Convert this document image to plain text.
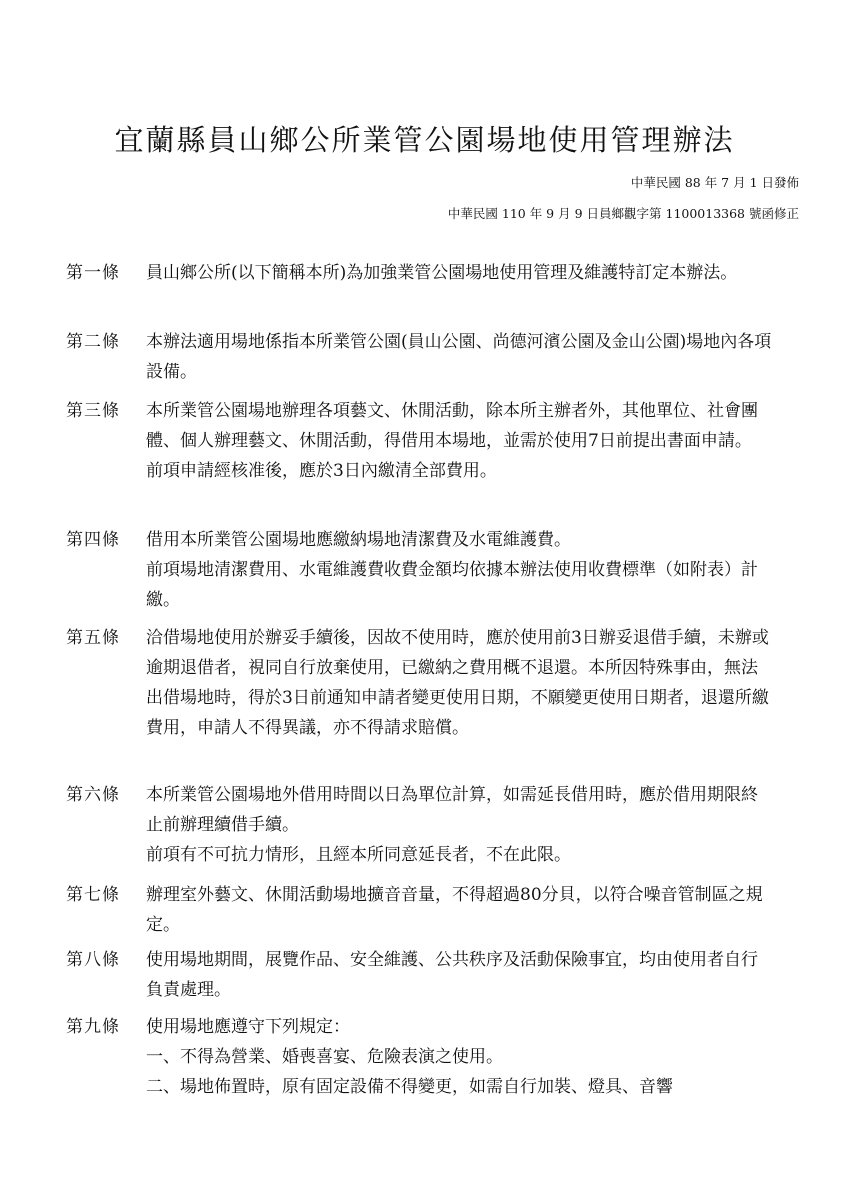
宜蘭縣員山鄉公所業管公園場地使用管理辦法
中華民國 88 年 7 月 1 日發佈
中華民國 110 年 9 月 9 日員鄉觀字第 1100013368 號函修正
第一條	員山鄉公所(以下簡稱本所)為加強業管公園場地使用管理及維護特訂定本辦法。
第二條	本辦法適用場地係指本所業管公園(員山公園、尚德河濱公園及金山公園)場地內各項設備。
第三條	本所業管公園場地辦理各項藝文、休閒活動，除本所主辦者外，其他單位、社會團體、個人辦理藝文、休閒活動，得借用本場地，並需於使用7日前提出書面申請。
前項申請經核准後，應於3日內繳清全部費用。
第四條	借用本所業管公園場地應繳納場地清潔費及水電維護費。
前項場地清潔費用、水電維護費收費金額均依據本辦法使用收費標準（如附表）計繳。
第五條	洽借場地使用於辦妥手續後，因故不使用時，應於使用前3日辦妥退借手續，未辦或逾期退借者，視同自行放棄使用，已繳納之費用概不退還。本所因特殊事由，無法出借場地時，得於3日前通知申請者變更使用日期，不願變更使用日期者，退還所繳費用，申請人不得異議，亦不得請求賠償。
第六條	本所業管公園場地外借用時間以日為單位計算，如需延長借用時，應於借用期限終止前辦理續借手續。
前項有不可抗力情形，且經本所同意延長者，不在此限。
第七條	辦理室外藝文、休閒活動場地擴音音量，不得超過80分貝，以符合噪音管制區之規定。
第八條	使用場地期間，展覽作品、安全維護、公共秩序及活動保險事宜，均由使用者自行負責處理。
第九條	使用場地應遵守下列規定：
一、不得為營業、婚喪喜宴、危險表演之使用。
二、場地佈置時，原有固定設備不得變更，如需自行加裝、燈具、音響
